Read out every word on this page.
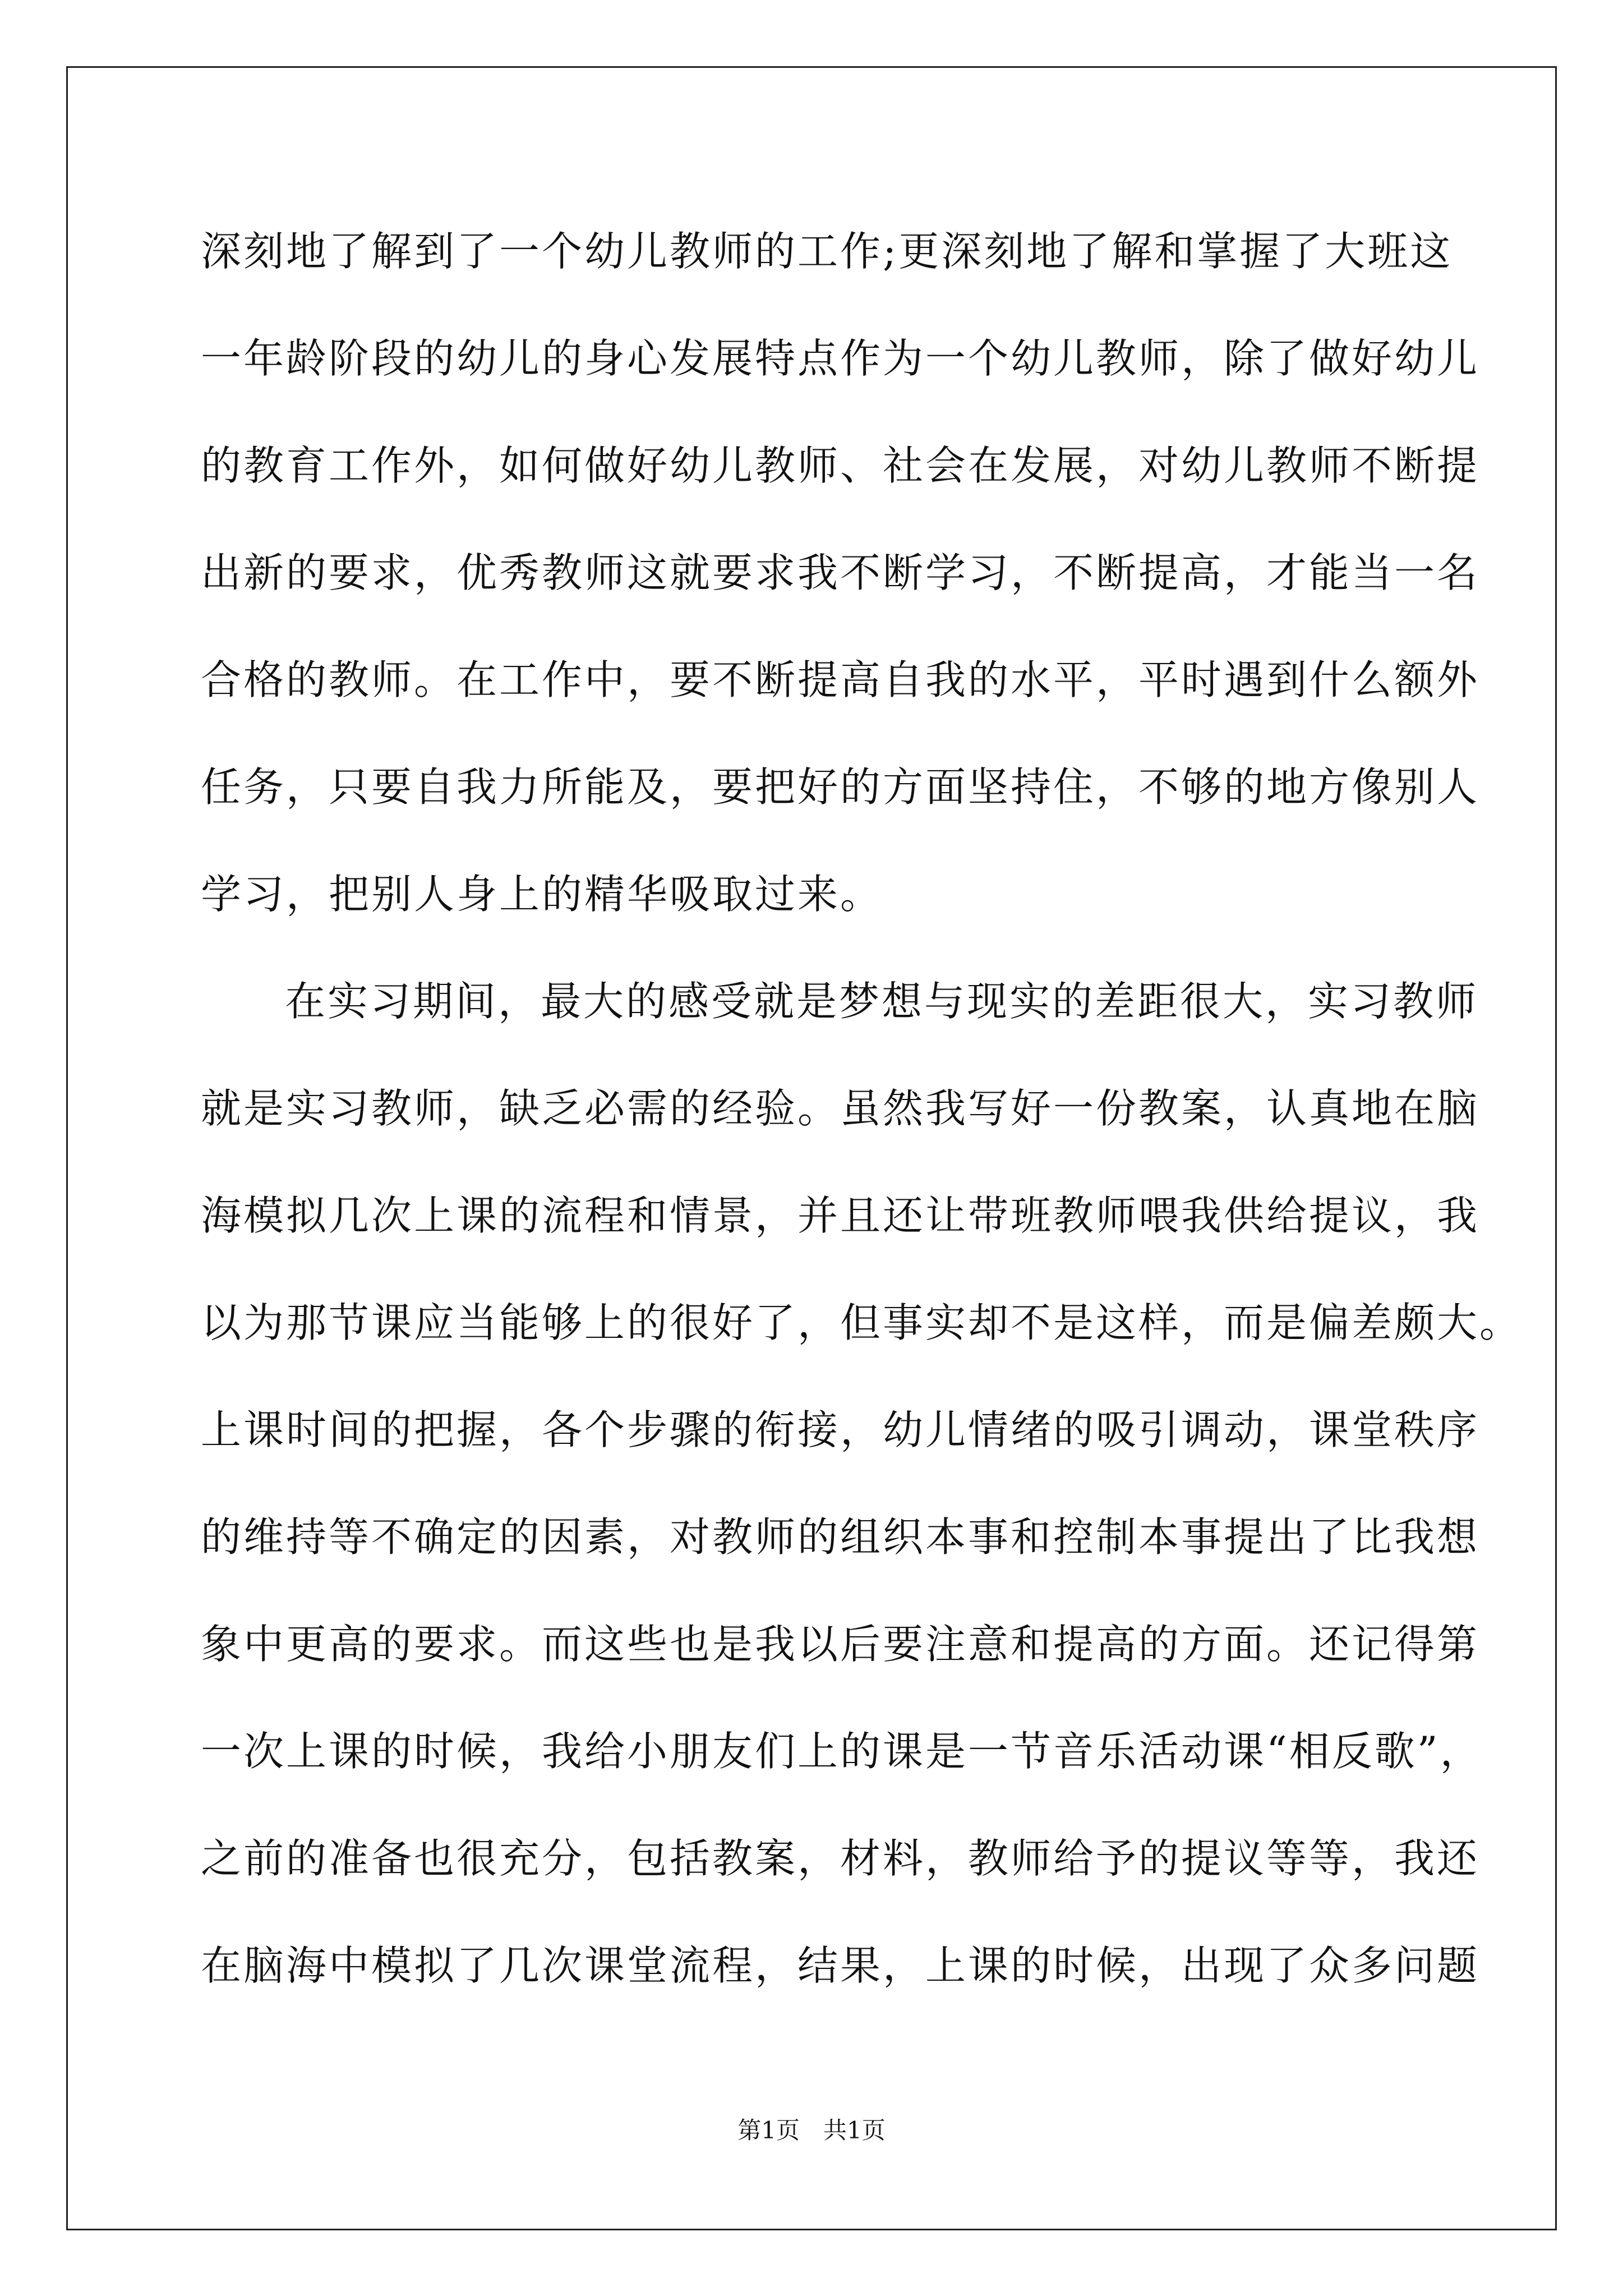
深刻地了解到了一个幼儿教师的工作;更深刻地了解和掌握了大班这
一年龄阶段的幼儿的身心发展特点作为一个幼儿教师，除了做好幼儿
的教育工作外，如何做好幼儿教师、社会在发展，对幼儿教师不断提
出新的要求，优秀教师这就要求我不断学习，不断提高，才能当一名
合格的教师。在工作中，要不断提高自我的水平，平时遇到什么额外
任务，只要自我力所能及，要把好的方面坚持住，不够的地方像别人
学习，把别人身上的精华吸取过来。
在实习期间，最大的感受就是梦想与现实的差距很大，实习教师
就是实习教师，缺乏必需的经验。虽然我写好一份教案，认真地在脑
海模拟几次上课的流程和情景，并且还让带班教师喂我供给提议，我
以为那节课应当能够上的很好了，但事实却不是这样，而是偏差颇大。
上课时间的把握，各个步骤的衔接，幼儿情绪的吸引调动，课堂秩序
的维持等不确定的因素，对教师的组织本事和控制本事提出了比我想
象中更高的要求。而这些也是我以后要注意和提高的方面。还记得第
一次上课的时候，我给小朋友们上的课是一节音乐活动课“相反歌”，
之前的准备也很充分，包括教案，材料，教师给予的提议等等，我还
在脑海中模拟了几次课堂流程，结果，上课的时候，出现了众多问题
第1页　共1页
